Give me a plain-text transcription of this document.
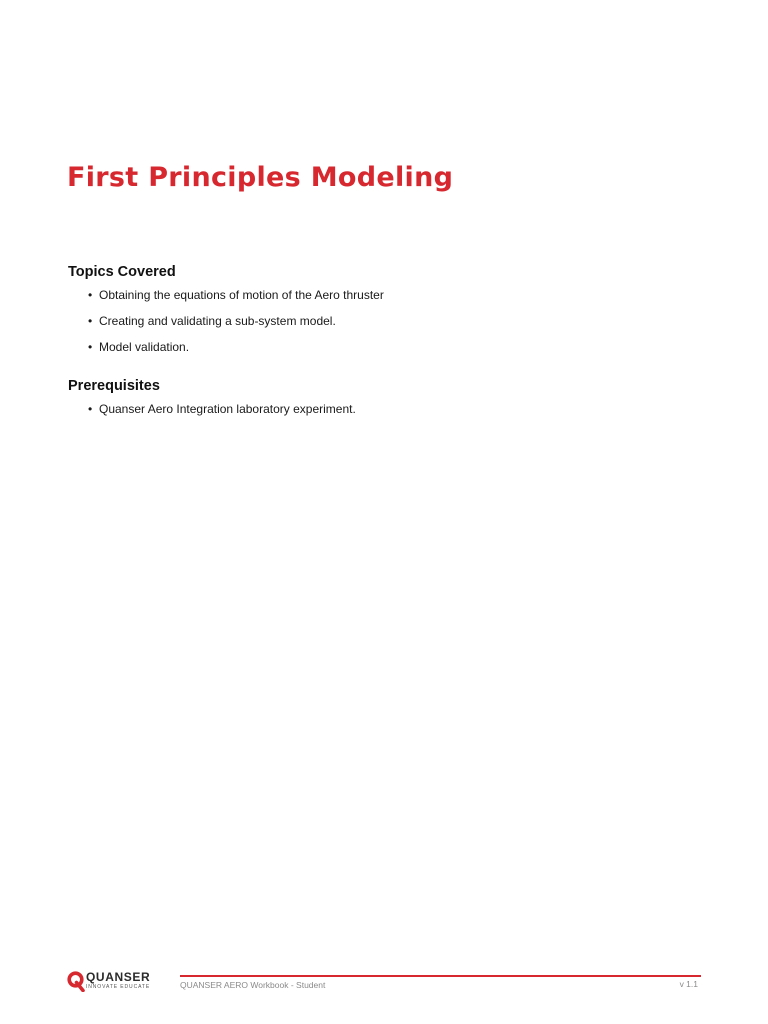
First Principles Modeling
Topics Covered
• Obtaining the equations of motion of the Aero thruster
• Creating and validating a sub-system model.
• Model validation.
Prerequisites
• Quanser Aero Integration laboratory experiment.
QUANSER
INNOVATE EDUCATE	QUANSER AERO Workbook - Student	v 1.1
